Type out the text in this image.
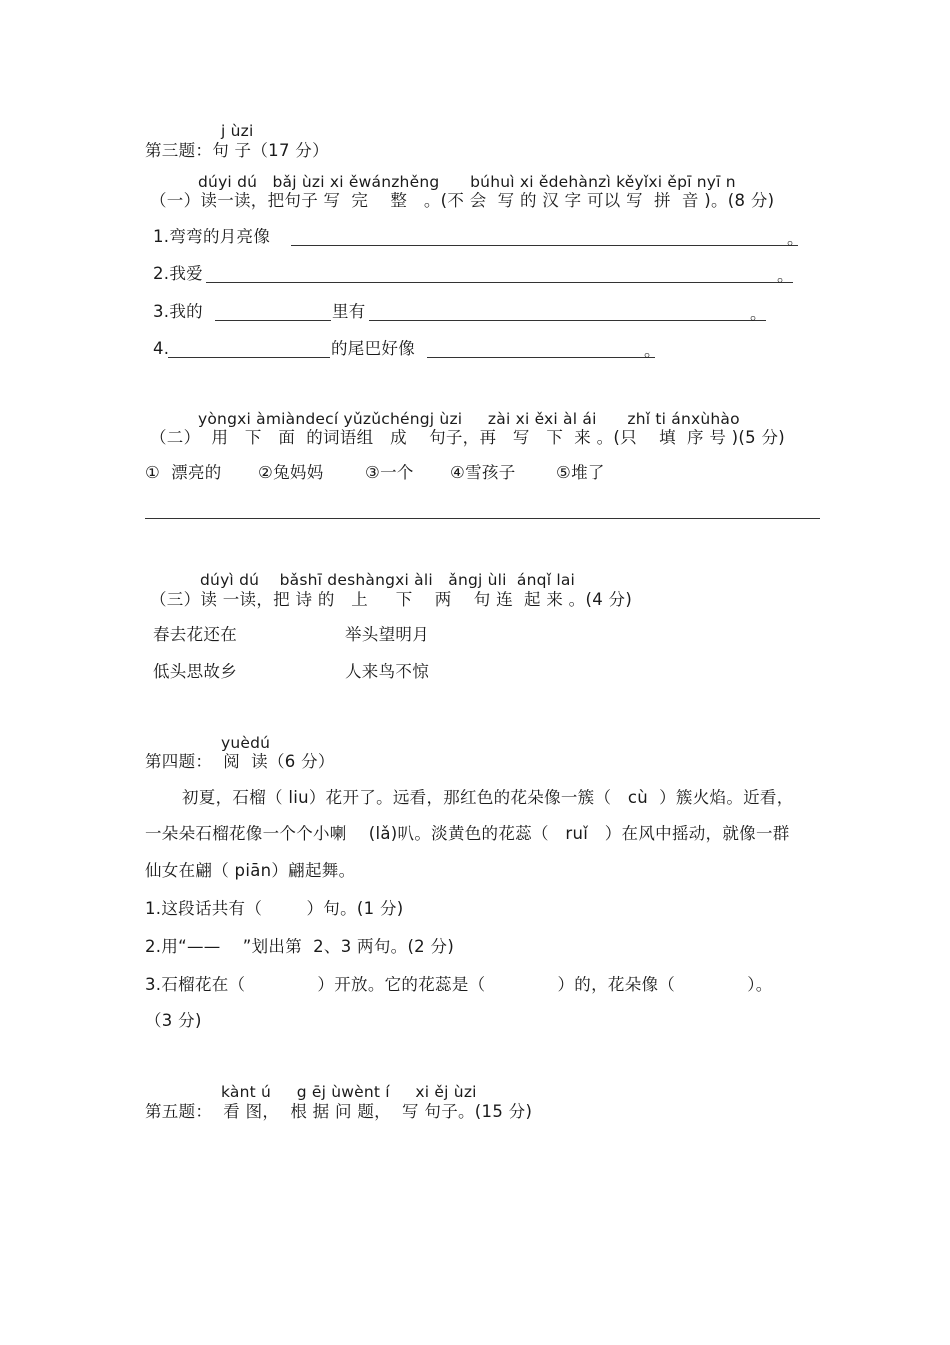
j ùzi
第三题：句 子（17 分）
dúyi dú   bǎj ùzi xi ěwánzhěng      búhuì xi ědehànzì kěyǐxi ěpī nyī n
（一）读一读，把句子 写  完    整   。(不 会  写 的 汉 字 可以 写  拼  音 )。(8 分)
1.弯弯的月亮像	。
2.我爱	。
3.我的	里有	。
4.	的尾巴好像	。
yòngxi àmiàndecí yǔzǔchéngj ùzi     zài xi ěxi àl ái      zhǐ ti ánxùhào
（二）  用   下   面  的词语组   成    句子，再   写   下  来 。(只    填  序 号 )(5 分)
①  漂亮的 ②兔妈妈	③一个 ④雪孩子 ⑤堆了
dúyì dú    bǎshī deshàngxi àli   ǎngj ùli  ánqǐ lai
（三）读 一读，把 诗 的   上     下    两    句 连  起 来 。(4 分)
春去花还在	举头望明月
低头思故乡	人来鸟不惊
yuèdú
第四题：  阅  读（6 分）
初夏，石榴（ liu）花开了。远看，那红色的花朵像一簇（   cù  ）簇火焰。近看，
一朵朵石榴花像一个个小喇    (lǎ)叭。淡黄色的花蕊（   ruǐ   ）在风中摇动，就像一群
仙女在翩（ piān）翩起舞。
1.这段话共有（        ）句。(1 分)
2.用“——    ”划出第  2、3 两句。(2 分)
3.石榴花在（             ）开放。它的花蕊是（             ）的，花朵像（             ）。
（3 分)
kànt ú     g ēj ùwènt í     xi ěj ùzi
第五题：  看 图，  根 据 问 题，  写 句子。(15 分)
